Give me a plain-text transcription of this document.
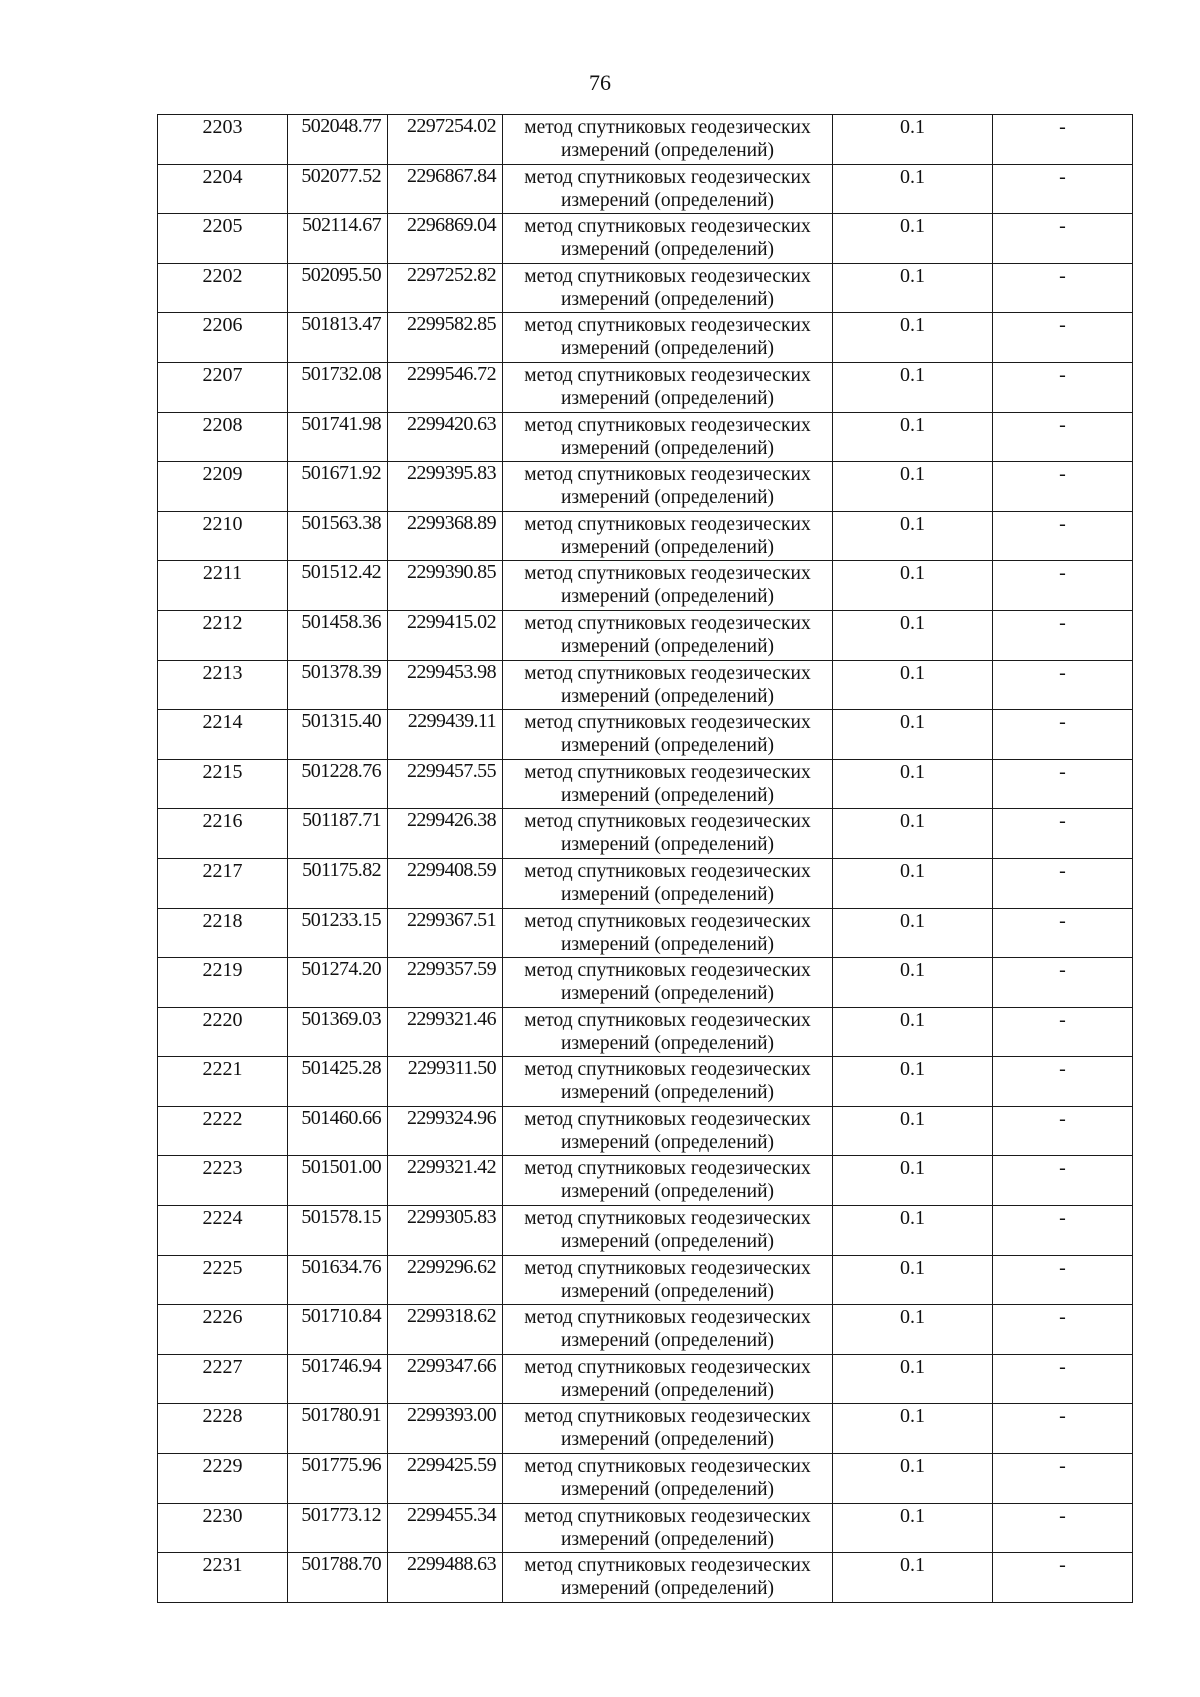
76
2203	502048.77	2297254.02	метод спутниковых геодезических
измерений (определений)	0.1	-
2204	502077.52	2296867.84	метод спутниковых геодезических
измерений (определений)	0.1	-
2205	502114.67	2296869.04	метод спутниковых геодезических
измерений (определений)	0.1	-
2202	502095.50	2297252.82	метод спутниковых геодезических
измерений (определений)	0.1	-
2206	501813.47	2299582.85	метод спутниковых геодезических
измерений (определений)	0.1	-
2207	501732.08	2299546.72	метод спутниковых геодезических
измерений (определений)	0.1	-
2208	501741.98	2299420.63	метод спутниковых геодезических
измерений (определений)	0.1	-
2209	501671.92	2299395.83	метод спутниковых геодезических
измерений (определений)	0.1	-
2210	501563.38	2299368.89	метод спутниковых геодезических
измерений (определений)	0.1	-
2211	501512.42	2299390.85	метод спутниковых геодезических
измерений (определений)	0.1	-
2212	501458.36	2299415.02	метод спутниковых геодезических
измерений (определений)	0.1	-
2213	501378.39	2299453.98	метод спутниковых геодезических
измерений (определений)	0.1	-
2214	501315.40	2299439.11	метод спутниковых геодезических
измерений (определений)	0.1	-
2215	501228.76	2299457.55	метод спутниковых геодезических
измерений (определений)	0.1	-
2216	501187.71	2299426.38	метод спутниковых геодезических
измерений (определений)	0.1	-
2217	501175.82	2299408.59	метод спутниковых геодезических
измерений (определений)	0.1	-
2218	501233.15	2299367.51	метод спутниковых геодезических
измерений (определений)	0.1	-
2219	501274.20	2299357.59	метод спутниковых геодезических
измерений (определений)	0.1	-
2220	501369.03	2299321.46	метод спутниковых геодезических
измерений (определений)	0.1	-
2221	501425.28	2299311.50	метод спутниковых геодезических
измерений (определений)	0.1	-
2222	501460.66	2299324.96	метод спутниковых геодезических
измерений (определений)	0.1	-
2223	501501.00	2299321.42	метод спутниковых геодезических
измерений (определений)	0.1	-
2224	501578.15	2299305.83	метод спутниковых геодезических
измерений (определений)	0.1	-
2225	501634.76	2299296.62	метод спутниковых геодезических
измерений (определений)	0.1	-
2226	501710.84	2299318.62	метод спутниковых геодезических
измерений (определений)	0.1	-
2227	501746.94	2299347.66	метод спутниковых геодезических
измерений (определений)	0.1	-
2228	501780.91	2299393.00	метод спутниковых геодезических
измерений (определений)	0.1	-
2229	501775.96	2299425.59	метод спутниковых геодезических
измерений (определений)	0.1	-
2230	501773.12	2299455.34	метод спутниковых геодезических
измерений (определений)	0.1	-
2231	501788.70	2299488.63	метод спутниковых геодезических
измерений (определений)	0.1	-
